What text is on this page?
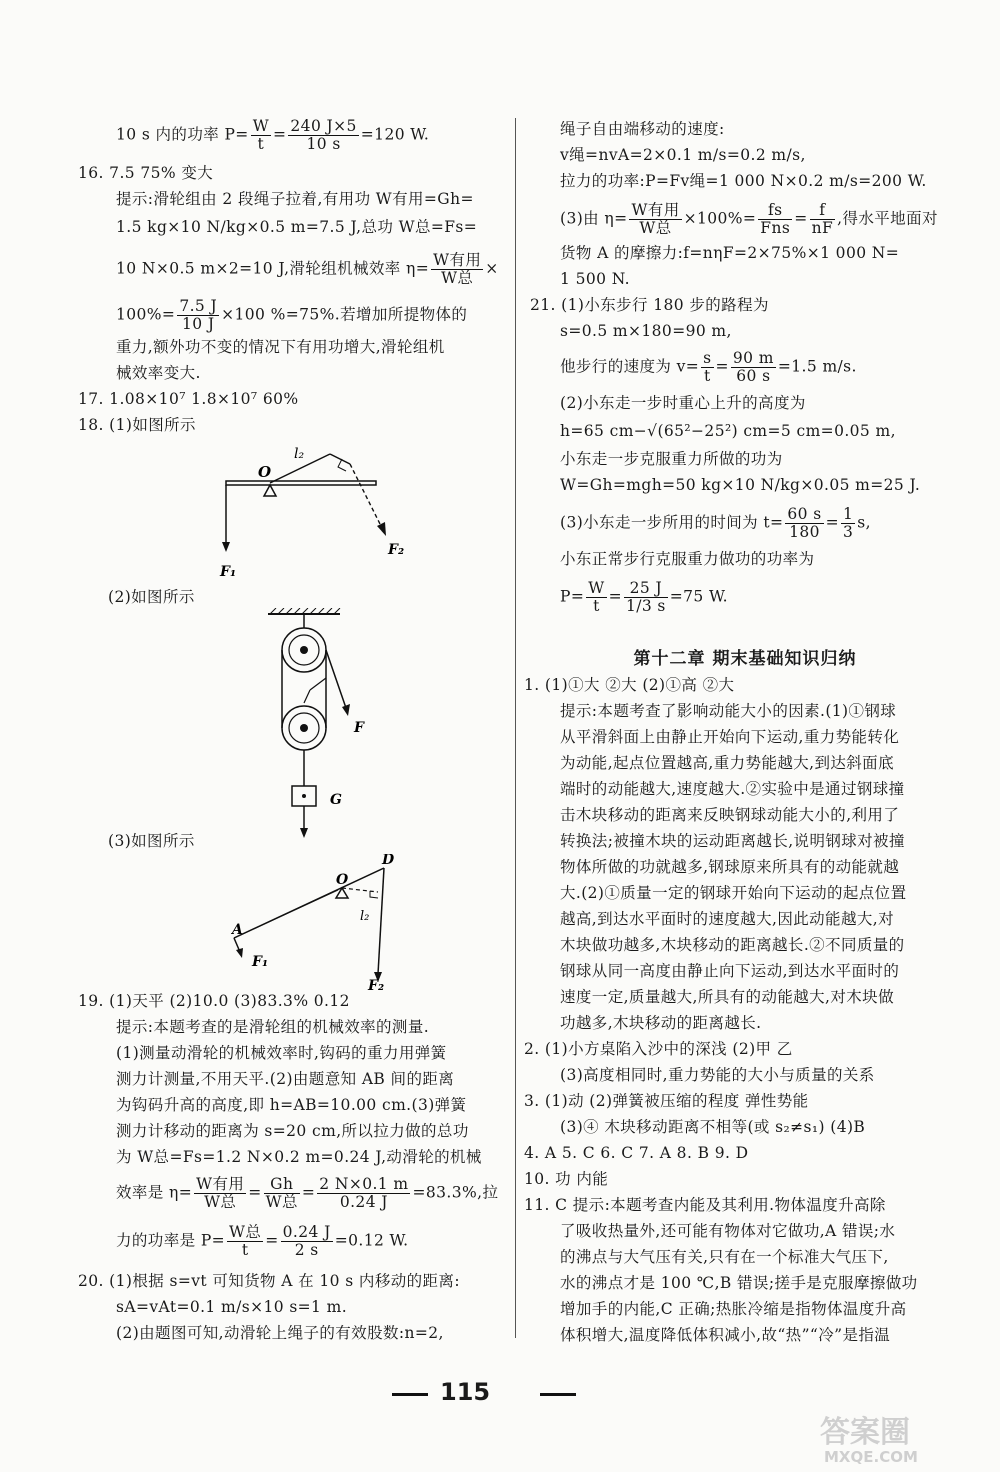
10 s 内的功率 $P= \frac{W}{t} = \frac{240 J\times 5}{10 s} =120$ W.
16. 7.5 75% 变大
提示:滑轮组由 2 段绳子拉着,有用功 W有用=Gh=
1.5 kg×10 N/kg×0.5 m=7.5 J,总功 W总=Fs=
10 N×0.5 m×2=10 J,滑轮组机械效率 $\eta= \frac{\text{W有用}}{\text{W总}}$ ×
$100\%= \frac{7.5 J}{10 J} \times 100$ %=75%.若增加所提物体的
重力,额外功不变的情况下有用功增大,滑轮组机
械效率变大.
17. 1.08×10⁷ 1.8×10⁷ 60%
18. (1)如图所示
l₂
O
F₁
F₂
(2)如图所示
F
G
(3)如图所示
O
D
A
l₂
F₁
F₂
19. (1)天平 (2)10.0 (3)83.3% 0.12
提示:本题考查的是滑轮组的机械效率的测量.
(1)测量动滑轮的机械效率时,钩码的重力用弹簧
测力计测量,不用天平.(2)由题意知 AB 间的距离
为钩码升高的高度,即 h=AB=10.00 cm.(3)弹簧
测力计移动的距离为 s=20 cm,所以拉力做的总功
为 W总=Fs=1.2 N×0.2 m=0.24 J,动滑轮的机械
效率是 $\eta= \frac{\text{W有用}}{\text{W总}} = \frac{Gh}{\text{W总}} = \frac{2 N\times 0.1 m}{0.24 J} =83.3\%$,拉
力的功率是 $P= \frac{\text{W总}}{t} = \frac{0.24 J}{2 s} =0.12$ W.
20. (1)根据 s=vt 可知货物 A 在 10 s 内移动的距离:
sA=vAt=0.1 m/s×10 s=1 m.
(2)由题图可知,动滑轮上绳子的有效股数:n=2,
绳子自由端移动的速度:
v绳=nvA=2×0.1 m/s=0.2 m/s,
拉力的功率:P=Fv绳=1 000 N×0.2 m/s=200 W.
(3)由 $\eta= \frac{\text{W有用}}{\text{W总}} \times 100\%= \frac{fs}{\text{Fns}} = \frac{f}{nF}$ ,得水平地面对
货物 A 的摩擦力:f=nηF=2×75%×1 000 N=
1 500 N.
21. (1)小东步行 180 步的路程为
s=0.5 m×180=90 m,
他步行的速度为 $v= \frac{s}{t} = \frac{90 m}{60 s} =1.5$ m/s.
(2)小东走一步时重心上升的高度为
h=65 cm−√(65²−25²) cm=5 cm=0.05 m,
小东走一步克服重力所做的功为
W=Gh=mgh=50 kg×10 N/kg×0.05 m=25 J.
(3)小东走一步所用的时间为 $t= \frac{60 s}{180} = \frac{1}{3} s$,
小东正常步行克服重力做功的功率为
$P= \frac{W}{t} = \frac{25 J}{1/3 s} =75$ W.
第十二章 期末基础知识归纳
1. (1)①大 ②大 (2)①高 ②大
提示:本题考查了影响动能大小的因素.(1)①钢球
从平滑斜面上由静止开始向下运动,重力势能转化
为动能,起点位置越高,重力势能越大,到达斜面底
端时的动能越大,速度越大.②实验中是通过钢球撞
击木块移动的距离来反映钢球动能大小的,利用了
转换法;被撞木块的运动距离越长,说明钢球对被撞
物体所做的功就越多,钢球原来所具有的动能就越
大.(2)①质量一定的钢球开始向下运动的起点位置
越高,到达水平面时的速度越大,因此动能越大,对
木块做功越多,木块移动的距离越长.②不同质量的
钢球从同一高度由静止向下运动,到达水平面时的
速度一定,质量越大,所具有的动能越大,对木块做
功越多,木块移动的距离越长.
2. (1)小方桌陷入沙中的深浅 (2)甲 乙
(3)高度相同时,重力势能的大小与质量的关系
3. (1)动 (2)弹簧被压缩的程度 弹性势能
(3)④ 木块移动距离不相等(或 s₂≠s₁) (4)B
4. A 5. C 6. C 7. A 8. B 9. D
10. 功 内能
11. C 提示:本题考查内能及其利用.物体温度升高除
了吸收热量外,还可能有物体对它做功,A 错误;水
的沸点与大气压有关,只有在一个标准大气压下,
水的沸点才是 100 ℃,B 错误;搓手是克服摩擦做功
增加手的内能,C 正确;热胀冷缩是指物体温度升高
体积增大,温度降低体积减小,故“热”“冷”是指温
115
答案圈
MXQE.COM
